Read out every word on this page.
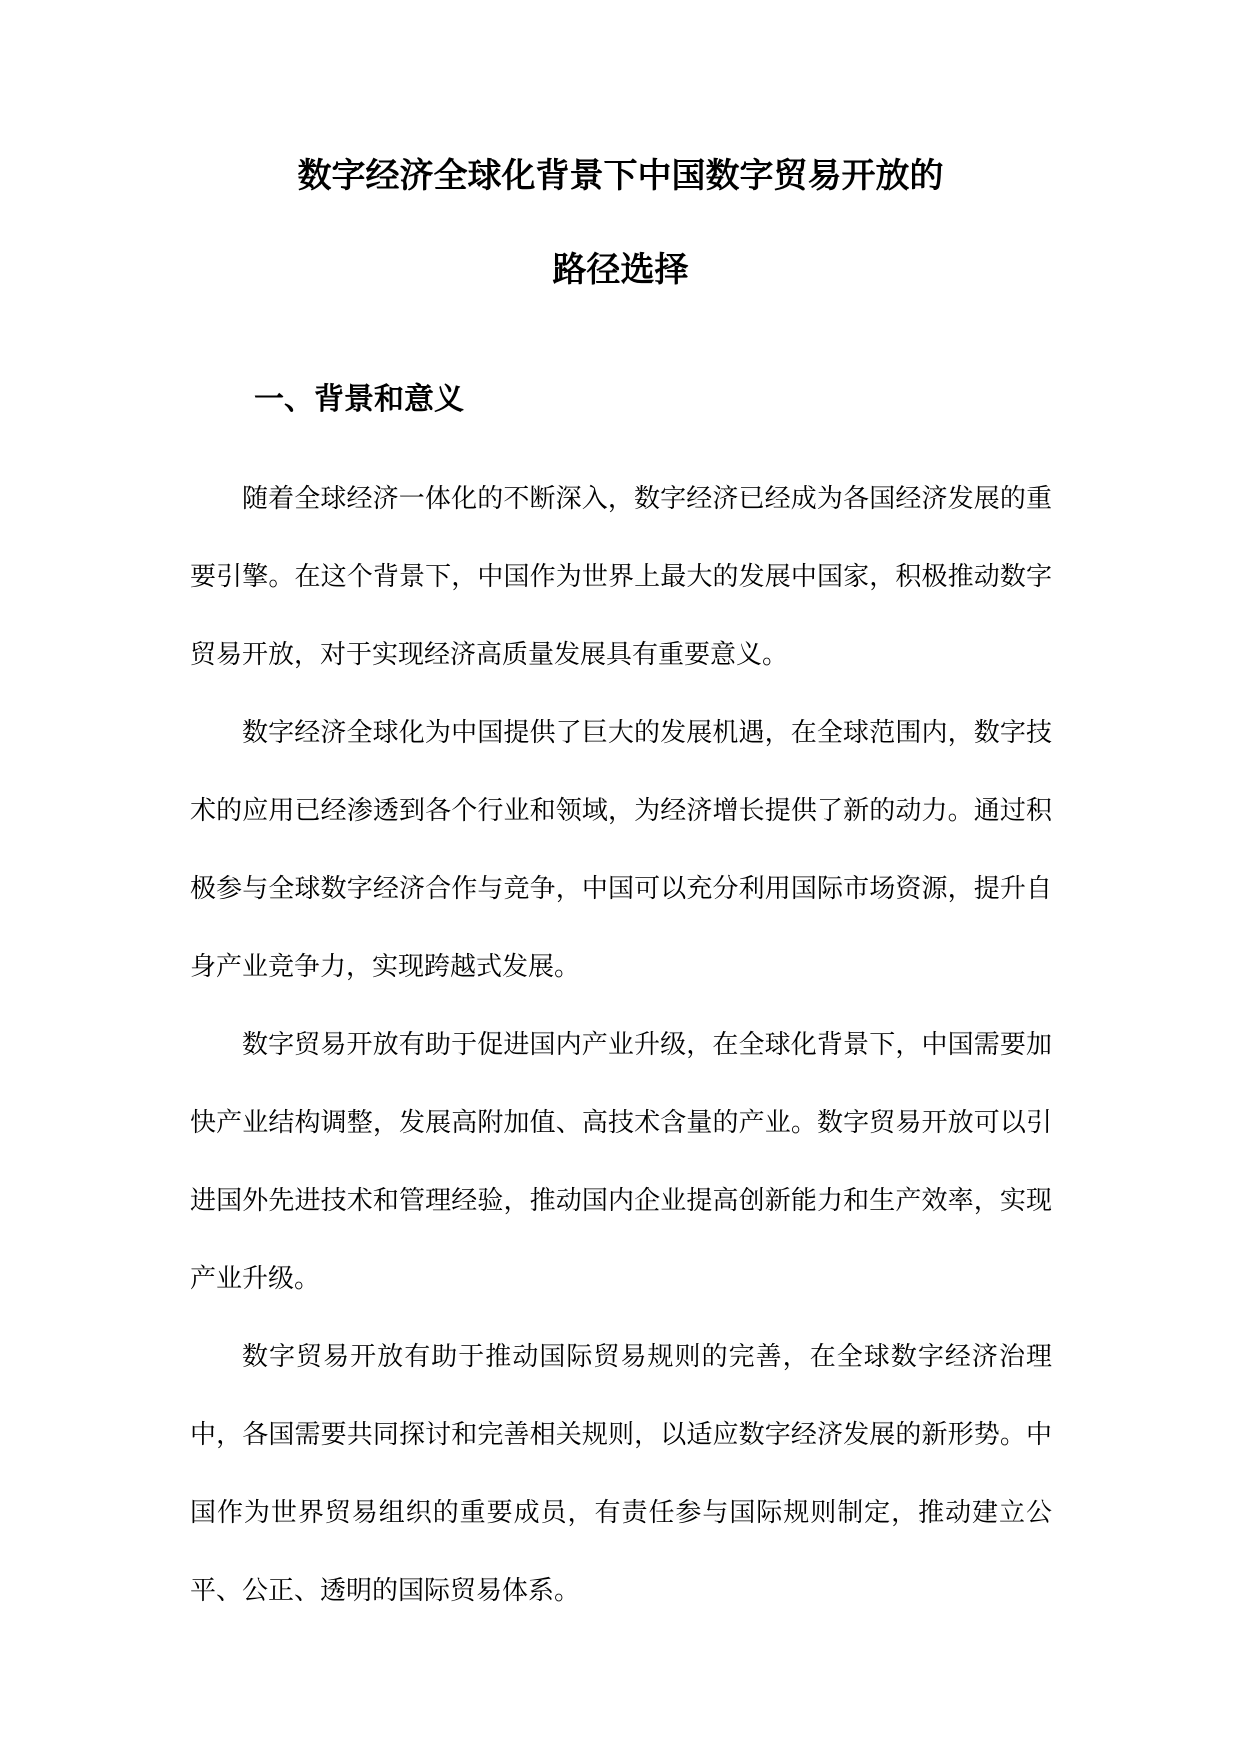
数字经济全球化背景下中国数字贸易开放的
路径选择
一、背景和意义

随着全球经济一体化的不断深入，数字经济已经成为各国经济发展的重要引擎。在这个背景下，中国作为世界上最大的发展中国家，积极推动数字贸易开放，对于实现经济高质量发展具有重要意义。

数字经济全球化为中国提供了巨大的发展机遇，在全球范围内，数字技术的应用已经渗透到各个行业和领域，为经济增长提供了新的动力。通过积极参与全球数字经济合作与竞争，中国可以充分利用国际市场资源，提升自身产业竞争力，实现跨越式发展。

数字贸易开放有助于促进国内产业升级，在全球化背景下，中国需要加快产业结构调整，发展高附加值、高技术含量的产业。数字贸易开放可以引进国外先进技术和管理经验，推动国内企业提高创新能力和生产效率，实现产业升级。

数字贸易开放有助于推动国际贸易规则的完善，在全球数字经济治理中，各国需要共同探讨和完善相关规则，以适应数字经济发展的新形势。中国作为世界贸易组织的重要成员，有责任参与国际规则制定，推动建立公平、公正、透明的国际贸易体系。
